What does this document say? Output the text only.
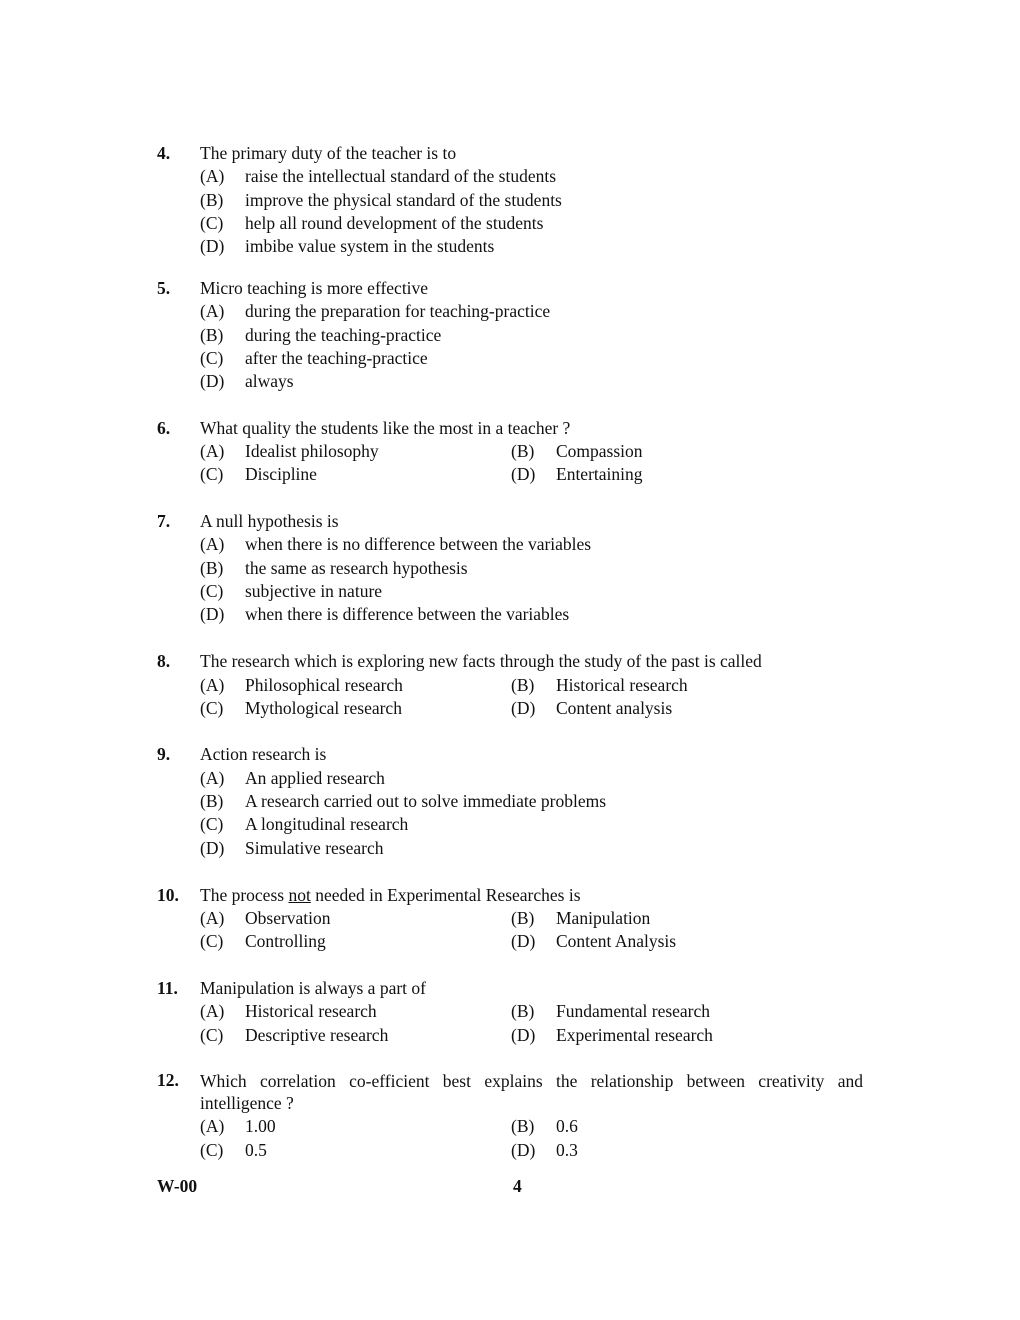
4. The primary duty of the teacher is to
(A) raise the intellectual standard of the students
(B) improve the physical standard of the students
(C) help all round development of the students
(D) imbibe value system in the students
5. Micro teaching is more effective
(A) during the preparation for teaching-practice
(B) during the teaching-practice
(C) after the teaching-practice
(D) always
6. What quality the students like the most in a teacher ?
(A) Idealist philosophy	(B) Compassion
(C) Discipline	(D) Entertaining
7. A null hypothesis is
(A) when there is no difference between the variables
(B) the same as research hypothesis
(C) subjective in nature
(D) when there is difference between the variables
8. The research which is exploring new facts through the study of the past is called
(A) Philosophical research	(B) Historical research
(C) Mythological research	(D) Content analysis
9. Action research is
(A) An applied research
(B) A research carried out to solve immediate problems
(C) A longitudinal research
(D) Simulative research
10. The process not needed in Experimental Researches is
(A) Observation	(B) Manipulation
(C) Controlling	(D) Content Analysis
11. Manipulation is always a part of
(A) Historical research	(B) Fundamental research
(C) Descriptive research	(D) Experimental research
12. Which correlation co-efficient best explains the relationship between creativity and intelligence ?
(A) 1.00	(B) 0.6
(C) 0.5	(D) 0.3
W-00	4
